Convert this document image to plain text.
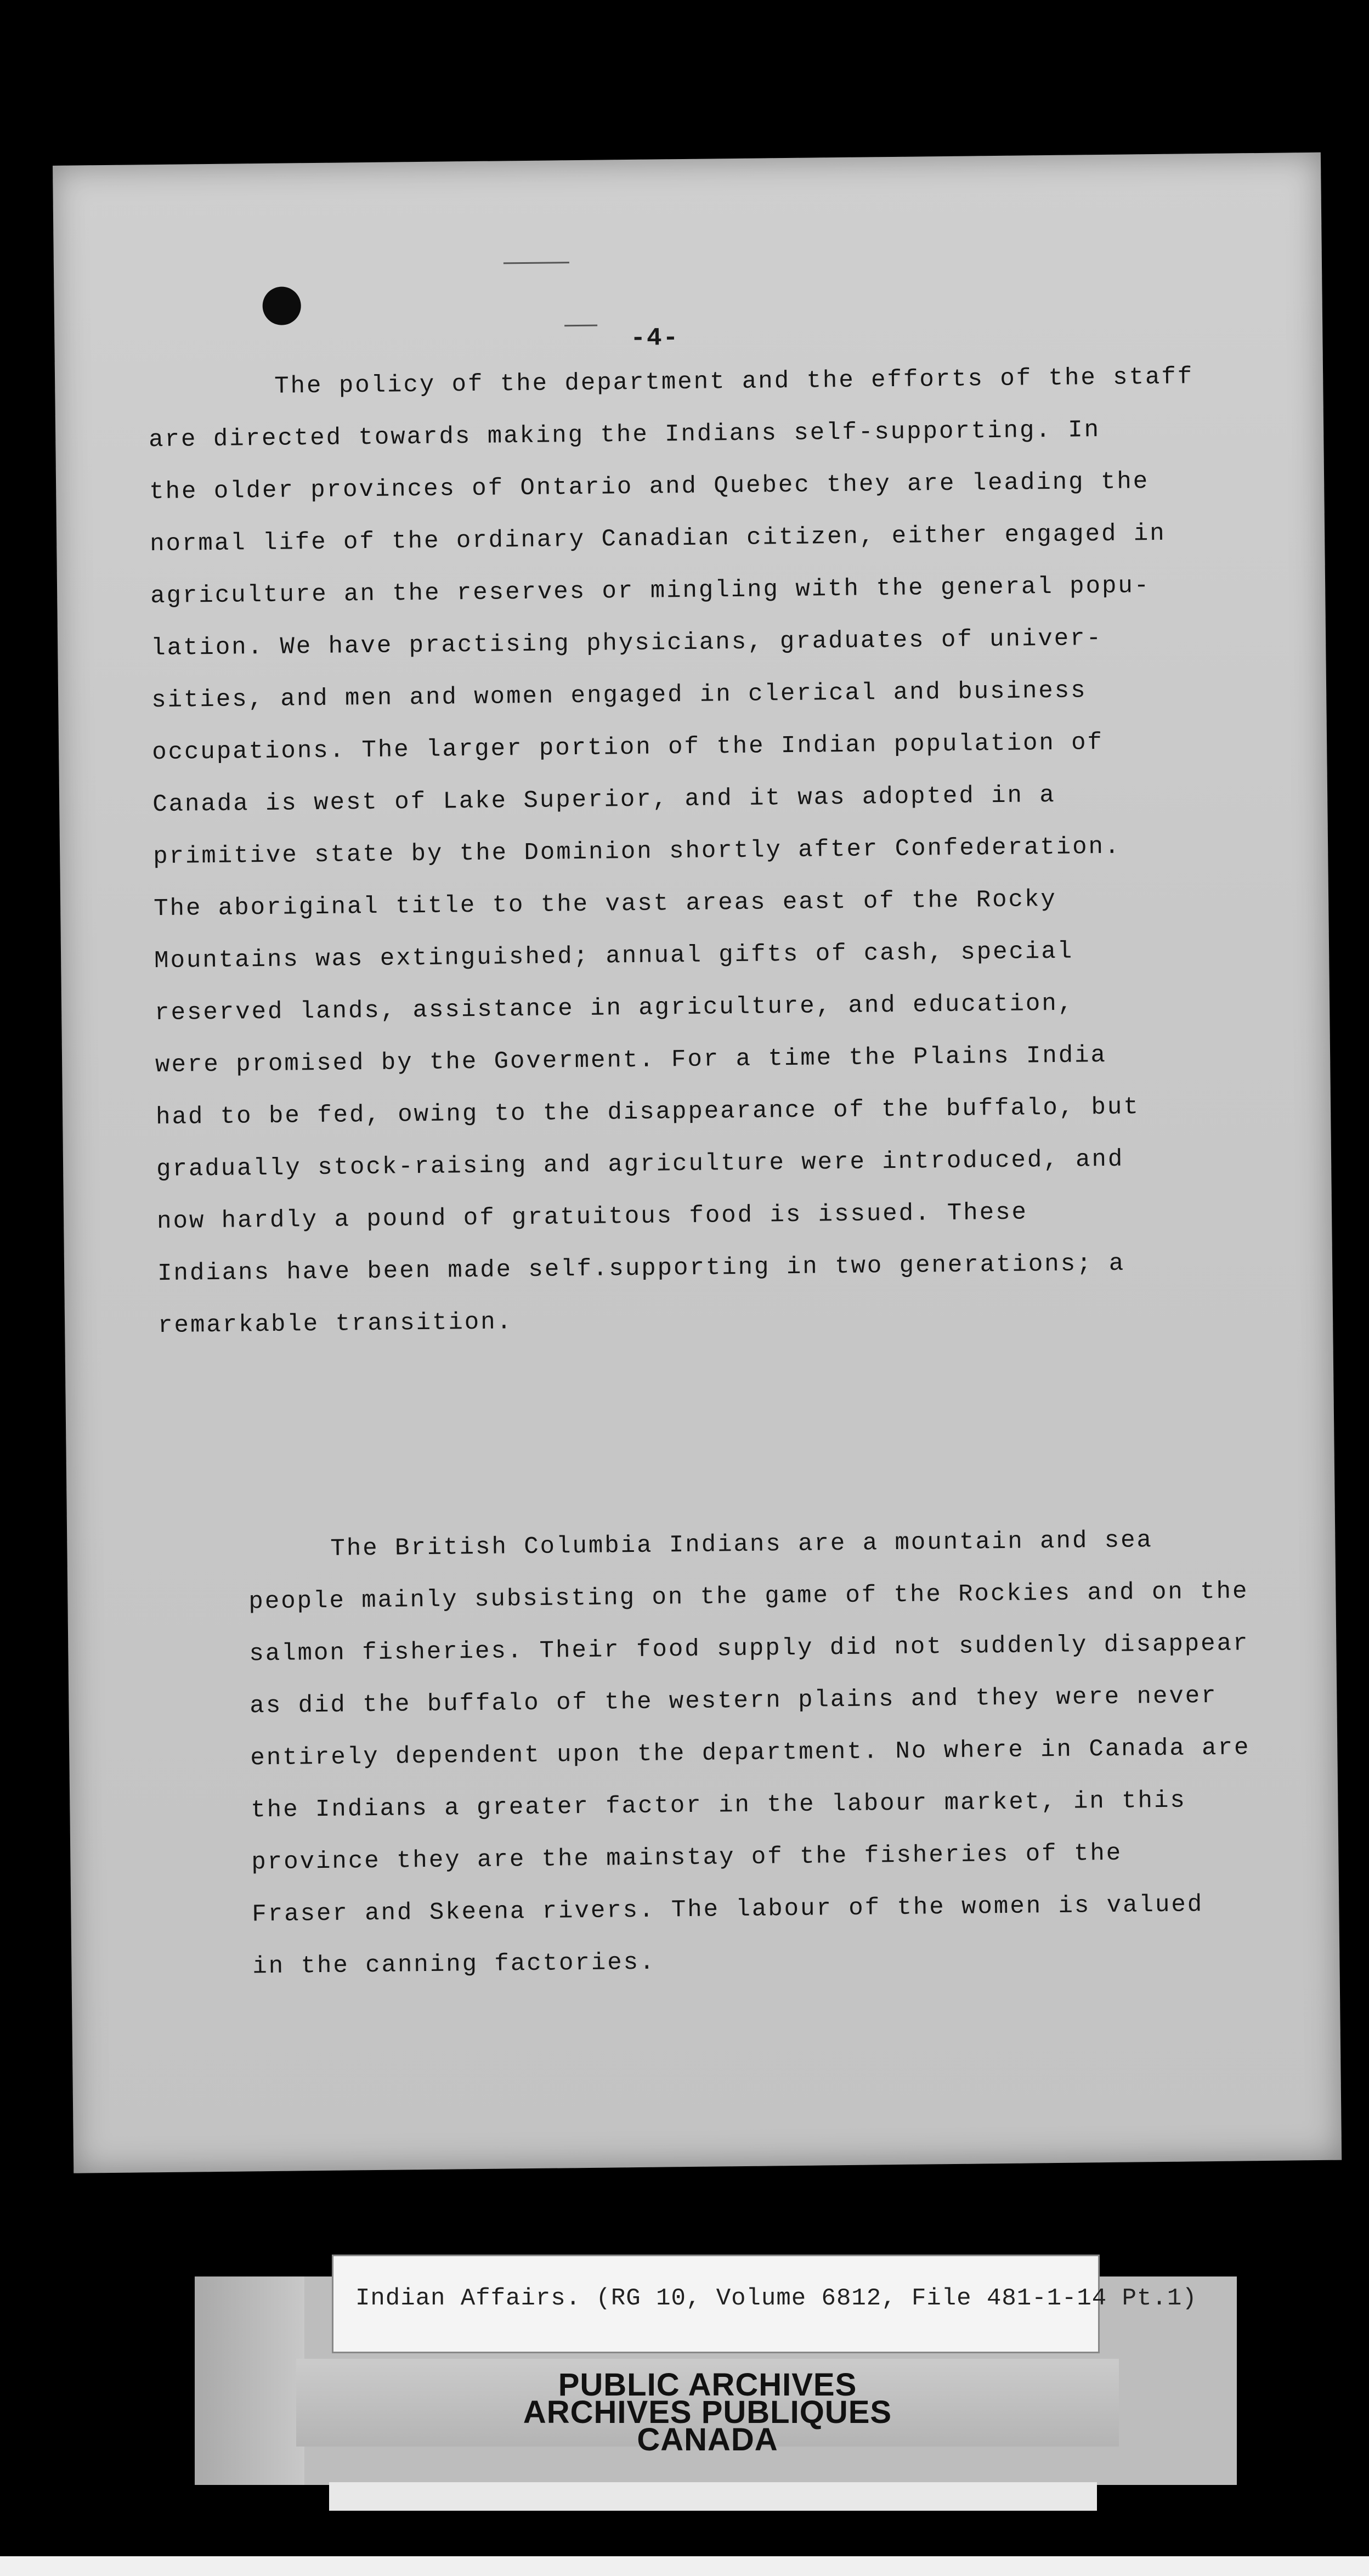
-4-
The policy of the department and the efforts of the staff
are directed towards making the Indians self-supporting. In
the older provinces of Ontario and Quebec they are leading the
normal life of the ordinary Canadian citizen, either engaged in
agriculture an the reserves or mingling with the general popu-
lation. We have practising physicians, graduates of univer-
sities, and men and women engaged in clerical and business
occupations. The larger portion of the Indian population of
Canada is west of Lake Superior, and it was adopted in a
primitive state by the Dominion shortly after Confederation.
The aboriginal title to the vast areas east of the Rocky
Mountains was extinguished; annual gifts of cash, special
reserved lands, assistance in agriculture, and education,
were promised by the Goverment. For a time the Plains India
had to be fed, owing to the disappearance of the buffalo, but
gradually stock-raising and agriculture were introduced, and
now hardly a pound of gratuitous food is issued. These
Indians have been made self.supporting in two generations; a
remarkable transition.
The British Columbia Indians are a mountain and sea
people mainly subsisting on the game of the Rockies and on the
salmon fisheries. Their food supply did not suddenly disappear
as did the buffalo of the western plains and they were never
entirely dependent upon the department. No where in Canada are
the Indians a greater factor in the labour market, in this
province they are the mainstay of the fisheries of the
Fraser and Skeena rivers. The labour of the women is valued
in the canning factories.
Indian Affairs. (RG 10, Volume 6812, File 481-1-14 Pt.1)
PUBLIC ARCHIVES
ARCHIVES PUBLIQUES
CANADA
